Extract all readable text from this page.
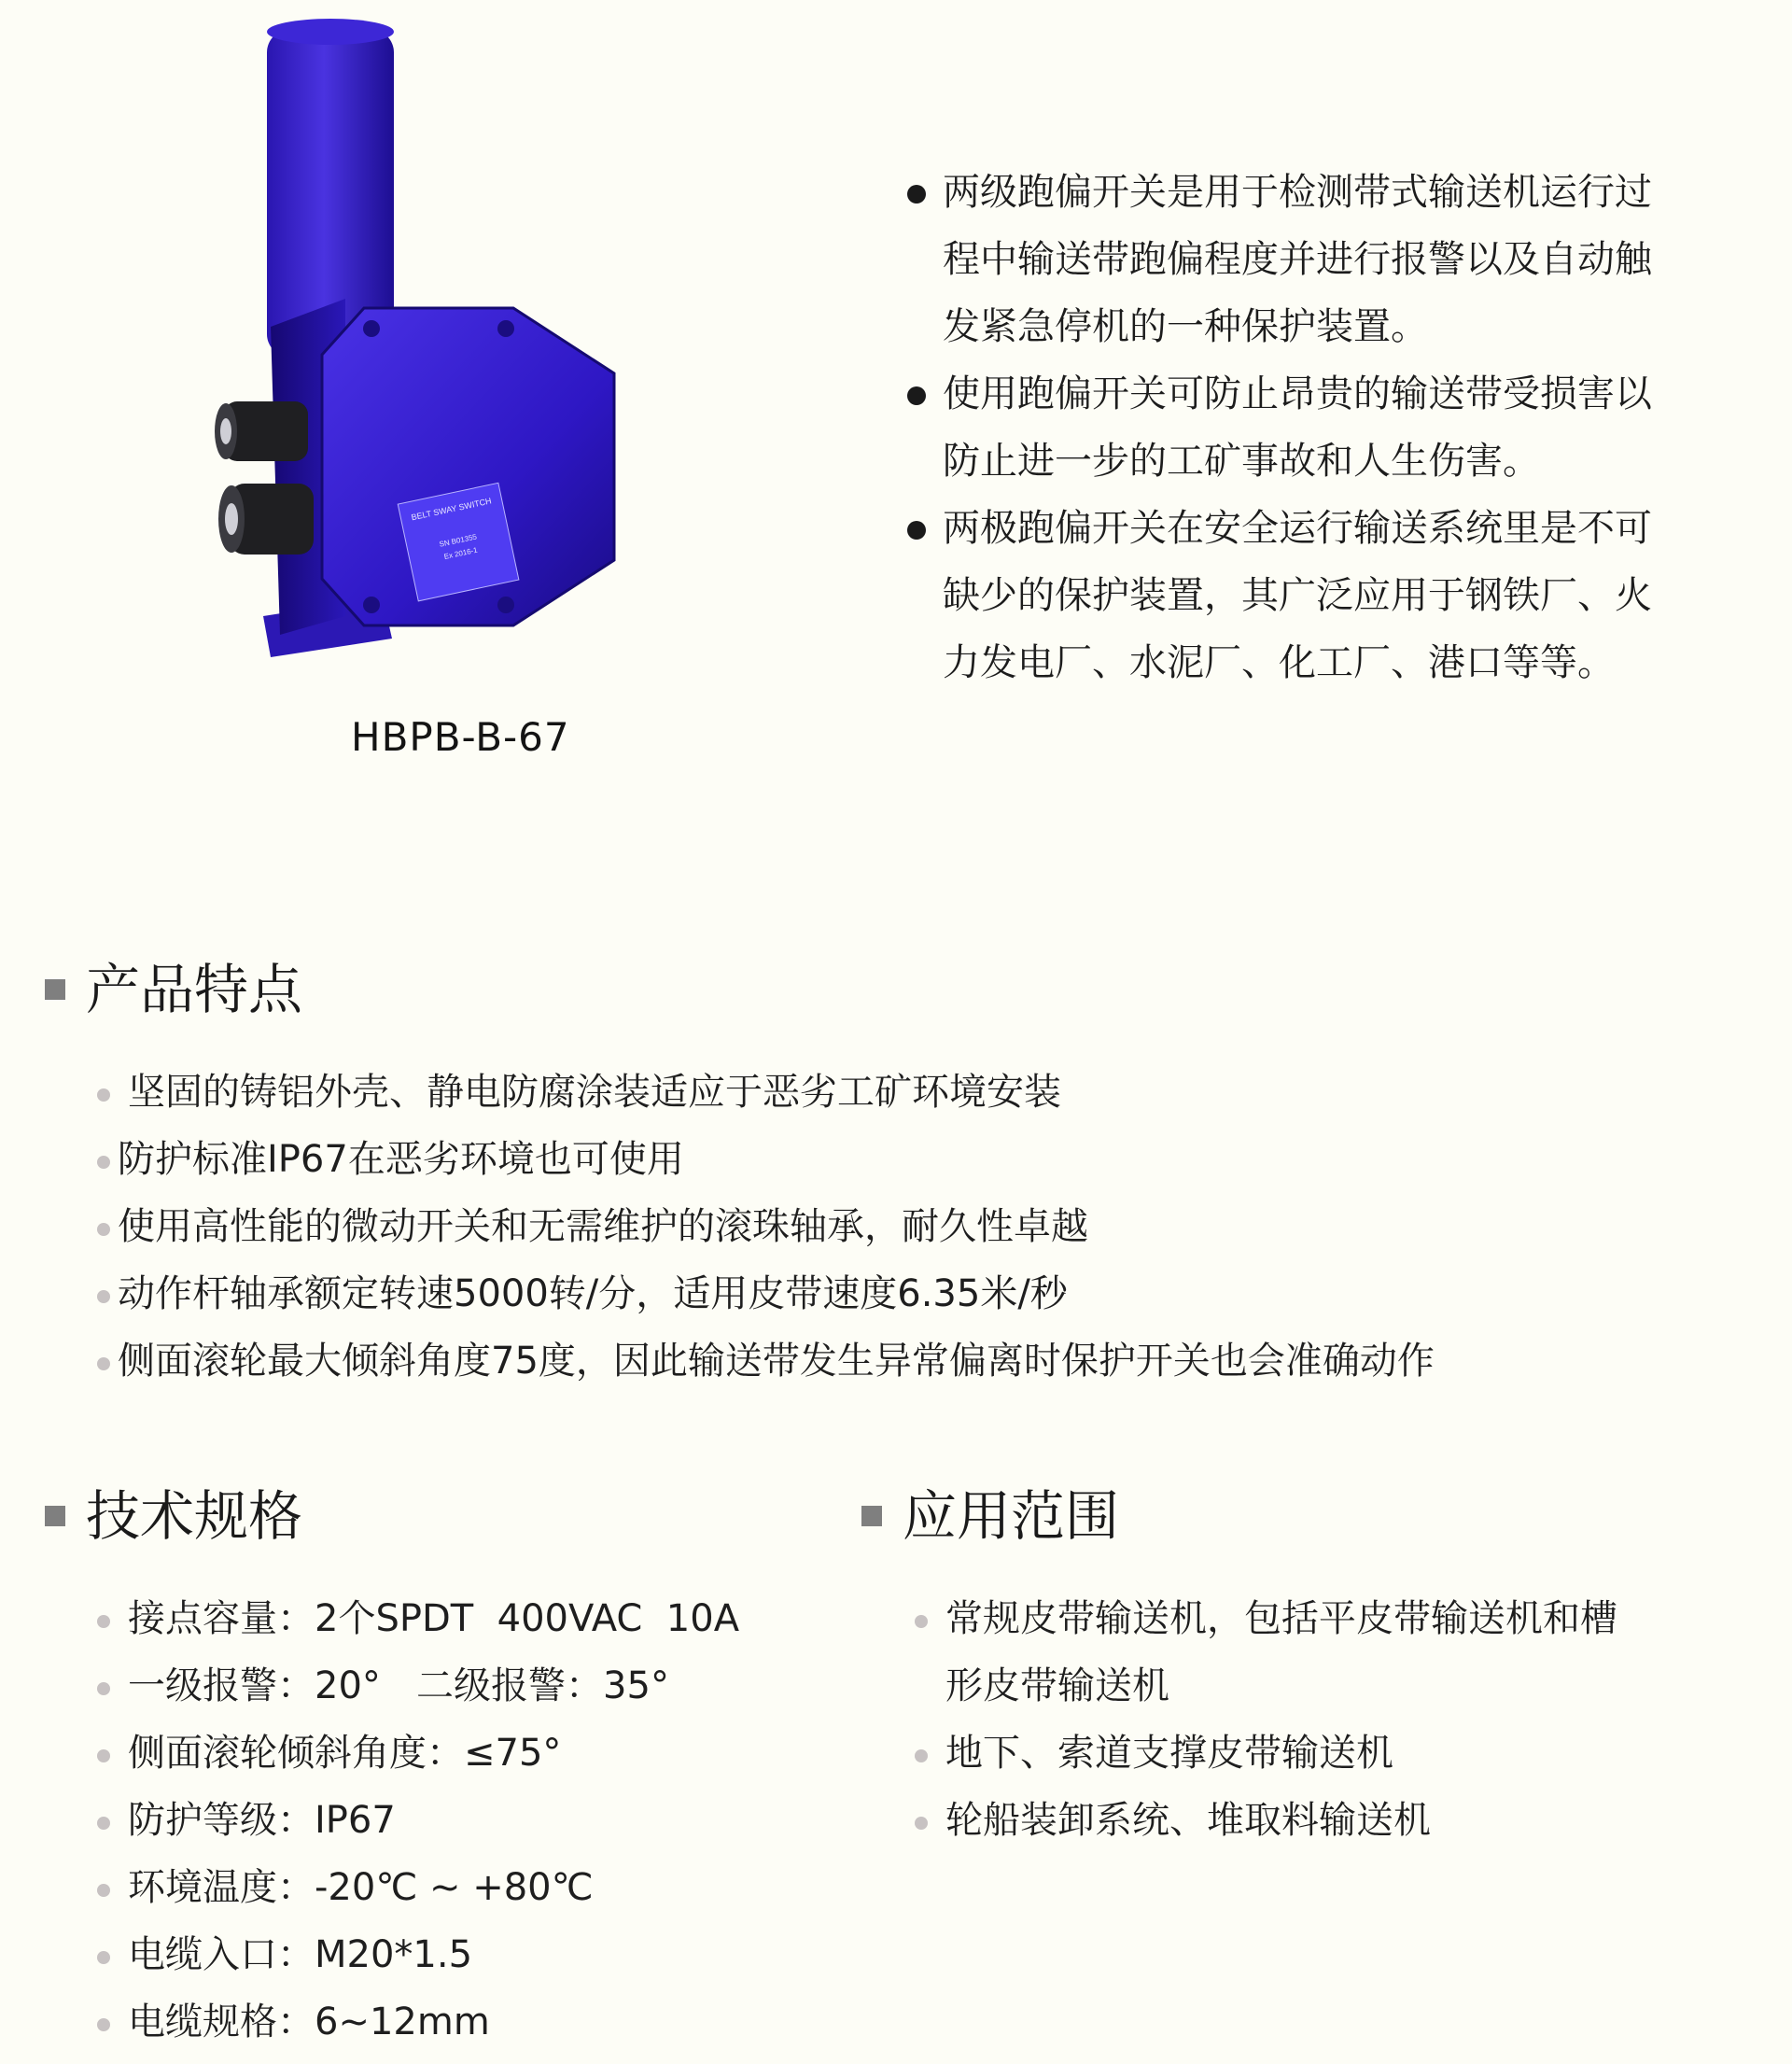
BELT SWAY SWITCH
SN B01355
Ex 2016-1
HBPB-B-67
两级跑偏开关是用于检测带式输送机运行过
程中输送带跑偏程度并进行报警以及自动触
发紧急停机的一种保护装置。
使用跑偏开关可防止昂贵的输送带受损害以
防止进一步的工矿事故和人生伤害。
两极跑偏开关在安全运行输送系统里是不可
缺少的保护装置，其广泛应用于钢铁厂、火
力发电厂、水泥厂、化工厂、港口等等。
产品特点
坚固的铸铝外壳、静电防腐涂装适应于恶劣工矿环境安装
防护标准IP67在恶劣环境也可使用
使用高性能的微动开关和无需维护的滚珠轴承，耐久性卓越
动作杆轴承额定转速5000转/分，适用皮带速度6.35米/秒
侧面滚轮最大倾斜角度75度，因此输送带发生异常偏离时保护开关也会准确动作
技术规格
接点容量：2个SPDT  400VAC  10A
一级报警：20°   二级报警：35°
侧面滚轮倾斜角度：≤75°
防护等级：IP67
环境温度：-20℃ ~ +80℃
电缆入口：M20*1.5
电缆规格：6~12mm
应用范围
常规皮带输送机，包括平皮带输送机和槽
形皮带输送机
地下、索道支撑皮带输送机
轮船装卸系统、堆取料输送机
